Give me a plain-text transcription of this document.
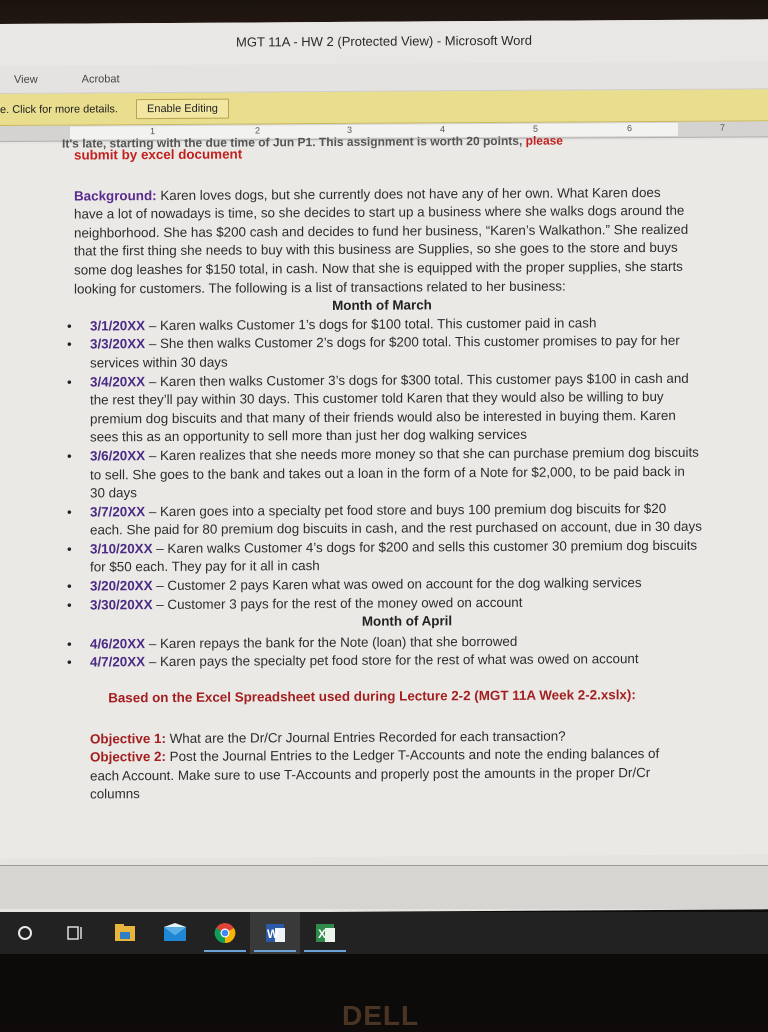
MGT 11A - HW 2 (Protected View) - Microsoft Word
View	Acrobat
e. Click for more details.	Enable Editing
1	2	3	4	5	6	7
It's late, starting with the due time of Jun P1. This assignment is worth 20 points, please
submit by excel document

Background: Karen loves dogs, but she currently does not have any of her own. What Karen does have a lot of nowadays is time, so she decides to start up a business where she walks dogs around the neighborhood. She has $200 cash and decides to fund her business, “Karen’s Walkathon.” She realized that the first thing she needs to buy with this business are Supplies, so she goes to the store and buys some dog leashes for $150 total, in cash. Now that she is equipped with the proper supplies, she starts looking for customers. The following is a list of transactions related to her business:

Month of March
• 3/1/20XX – Karen walks Customer 1’s dogs for $100 total. This customer paid in cash
• 3/3/20XX – She then walks Customer 2’s dogs for $200 total. This customer promises to pay for her services within 30 days
• 3/4/20XX – Karen then walks Customer 3’s dogs for $300 total. This customer pays $100 in cash and the rest they’ll pay within 30 days. This customer told Karen that they would also be willing to buy premium dog biscuits and that many of their friends would also be interested in buying them. Karen sees this as an opportunity to sell more than just her dog walking services
• 3/6/20XX – Karen realizes that she needs more money so that she can purchase premium dog biscuits to sell. She goes to the bank and takes out a loan in the form of a Note for $2,000, to be paid back in 30 days
• 3/7/20XX – Karen goes into a specialty pet food store and buys 100 premium dog biscuits for $20 each. She paid for 80 premium dog biscuits in cash, and the rest purchased on account, due in 30 days
• 3/10/20XX – Karen walks Customer 4’s dogs for $200 and sells this customer 30 premium dog biscuits for $50 each. They pay for it all in cash
• 3/20/20XX – Customer 2 pays Karen what was owed on account for the dog walking services
• 3/30/20XX – Customer 3 pays for the rest of the money owed on account
Month of April
• 4/6/20XX – Karen repays the bank for the Note (loan) that she borrowed
• 4/7/20XX – Karen pays the specialty pet food store for the rest of what was owed on account
Based on the Excel Spreadsheet used during Lecture 2-2 (MGT 11A Week 2-2.xslx):
Objective 1: What are the Dr/Cr Journal Entries Recorded for each transaction?
Objective 2: Post the Journal Entries to the Ledger T-Accounts and note the ending balances of each Account. Make sure to use T-Accounts and properly post the amounts in the proper Dr/Cr columns
W	X
DELL
